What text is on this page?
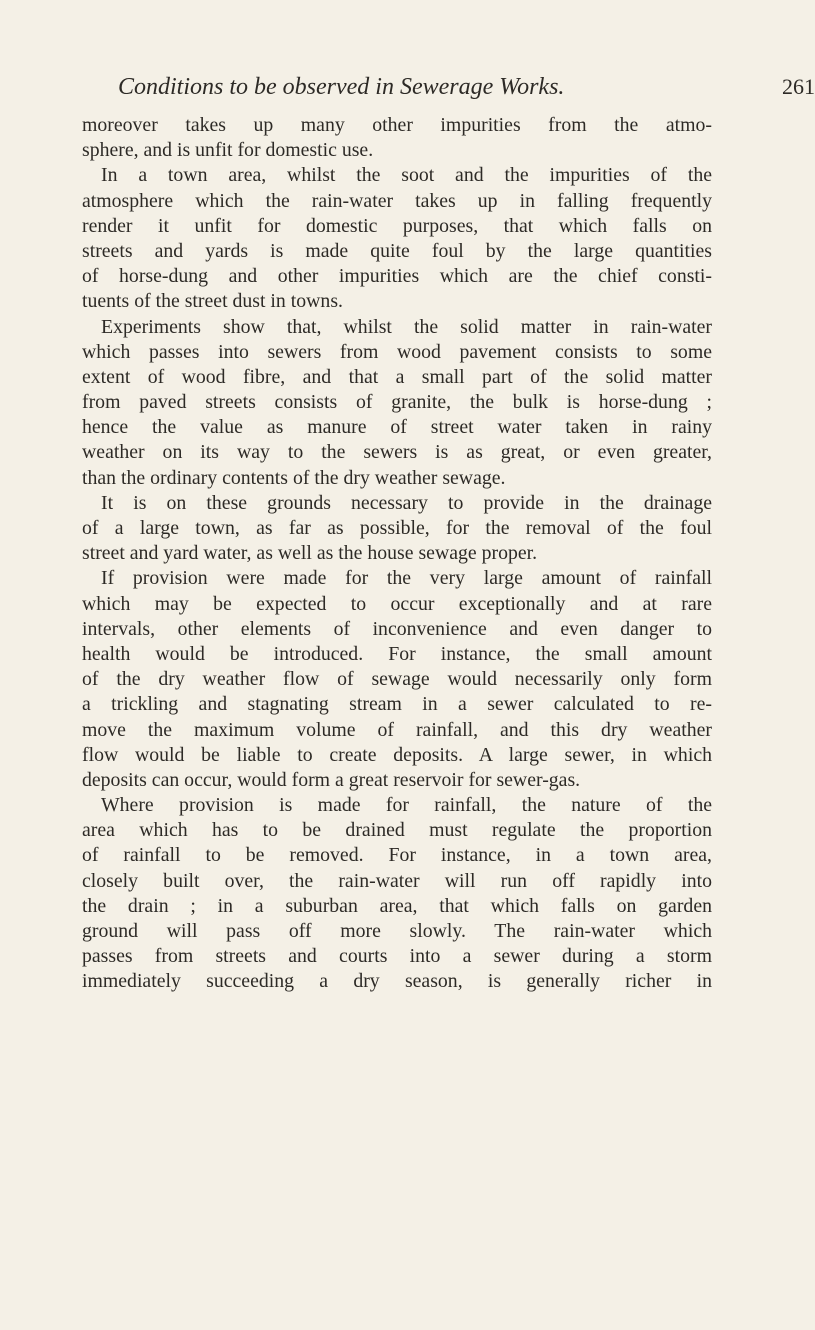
Conditions to be observed in Sewerage Works.	261
moreover takes up many other impurities from the atmo-
sphere, and is unfit for domestic use.
In a town area, whilst the soot and the impurities of the
atmosphere which the rain-water takes up in falling frequently
render it unfit for domestic purposes, that which falls on
streets and yards is made quite foul by the large quantities
of horse-dung and other impurities which are the chief consti-
tuents of the street dust in towns.
Experiments show that, whilst the solid matter in rain-water
which passes into sewers from wood pavement consists to some
extent of wood fibre, and that a small part of the solid matter
from paved streets consists of granite, the bulk is horse-dung ;
hence the value as manure of street water taken in rainy
weather on its way to the sewers is as great, or even greater,
than the ordinary contents of the dry weather sewage.
It is on these grounds necessary to provide in the drainage
of a large town, as far as possible, for the removal of the foul
street and yard water, as well as the house sewage proper.
If provision were made for the very large amount of rainfall
which may be expected to occur exceptionally and at rare
intervals, other elements of inconvenience and even danger to
health would be introduced. For instance, the small amount
of the dry weather flow of sewage would necessarily only form
a trickling and stagnating stream in a sewer calculated to re-
move the maximum volume of rainfall, and this dry weather
flow would be liable to create deposits. A large sewer, in which
deposits can occur, would form a great reservoir for sewer-gas.
Where provision is made for rainfall, the nature of the
area which has to be drained must regulate the proportion
of rainfall to be removed. For instance, in a town area,
closely built over, the rain-water will run off rapidly into
the drain ; in a suburban area, that which falls on garden
ground will pass off more slowly. The rain-water which
passes from streets and courts into a sewer during a storm
immediately succeeding a dry season, is generally richer in
